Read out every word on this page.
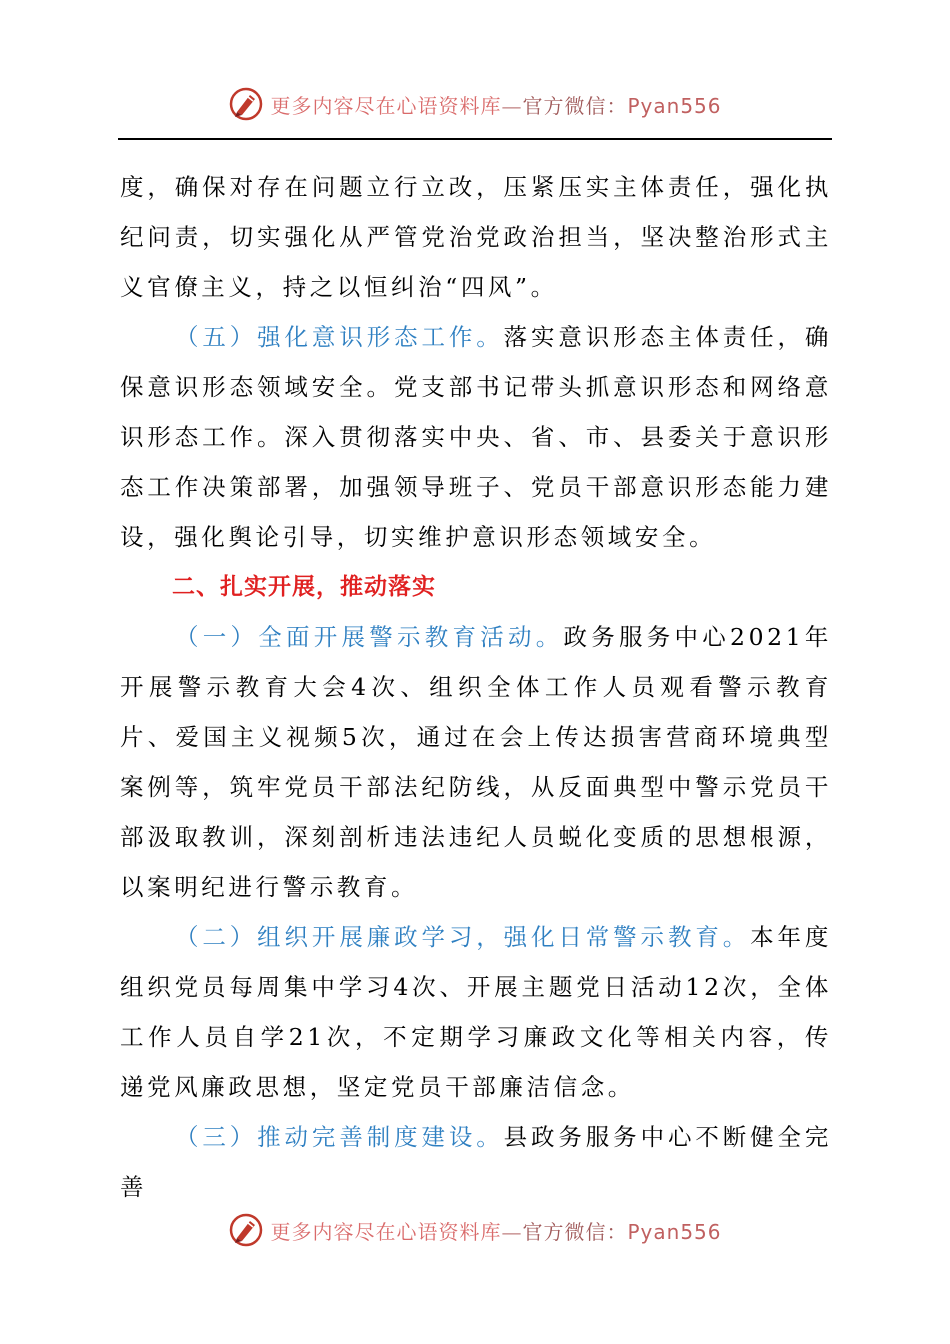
更多内容尽在心语资料库—官方微信：Pyan556

度，确保对存在问题立行立改，压紧压实主体责任，强化执纪问责，切实强化从严管党治党政治担当，坚决整治形式主义官僚主义，持之以恒纠治“四风”。

（五）强化意识形态工作。落实意识形态主体责任，确保意识形态领域安全。党支部书记带头抓意识形态和网络意识形态工作。深入贯彻落实中央、省、市、县委关于意识形态工作决策部署，加强领导班子、党员干部意识形态能力建设，强化舆论引导，切实维护意识形态领域安全。

二、扎实开展，推动落实

（一）全面开展警示教育活动。政务服务中心2021年开展警示教育大会4次、组织全体工作人员观看警示教育片、爱国主义视频5次，通过在会上传达损害营商环境典型案例等，筑牢党员干部法纪防线，从反面典型中警示党员干部汲取教训，深刻剖析违法违纪人员蜕化变质的思想根源，以案明纪进行警示教育。

（二）组织开展廉政学习，强化日常警示教育。本年度组织党员每周集中学习4次、开展主题党日活动12次，全体工作人员自学21次，不定期学习廉政文化等相关内容，传递党风廉政思想，坚定党员干部廉洁信念。

（三）推动完善制度建设。县政务服务中心不断健全完善

更多内容尽在心语资料库—官方微信：Pyan556
